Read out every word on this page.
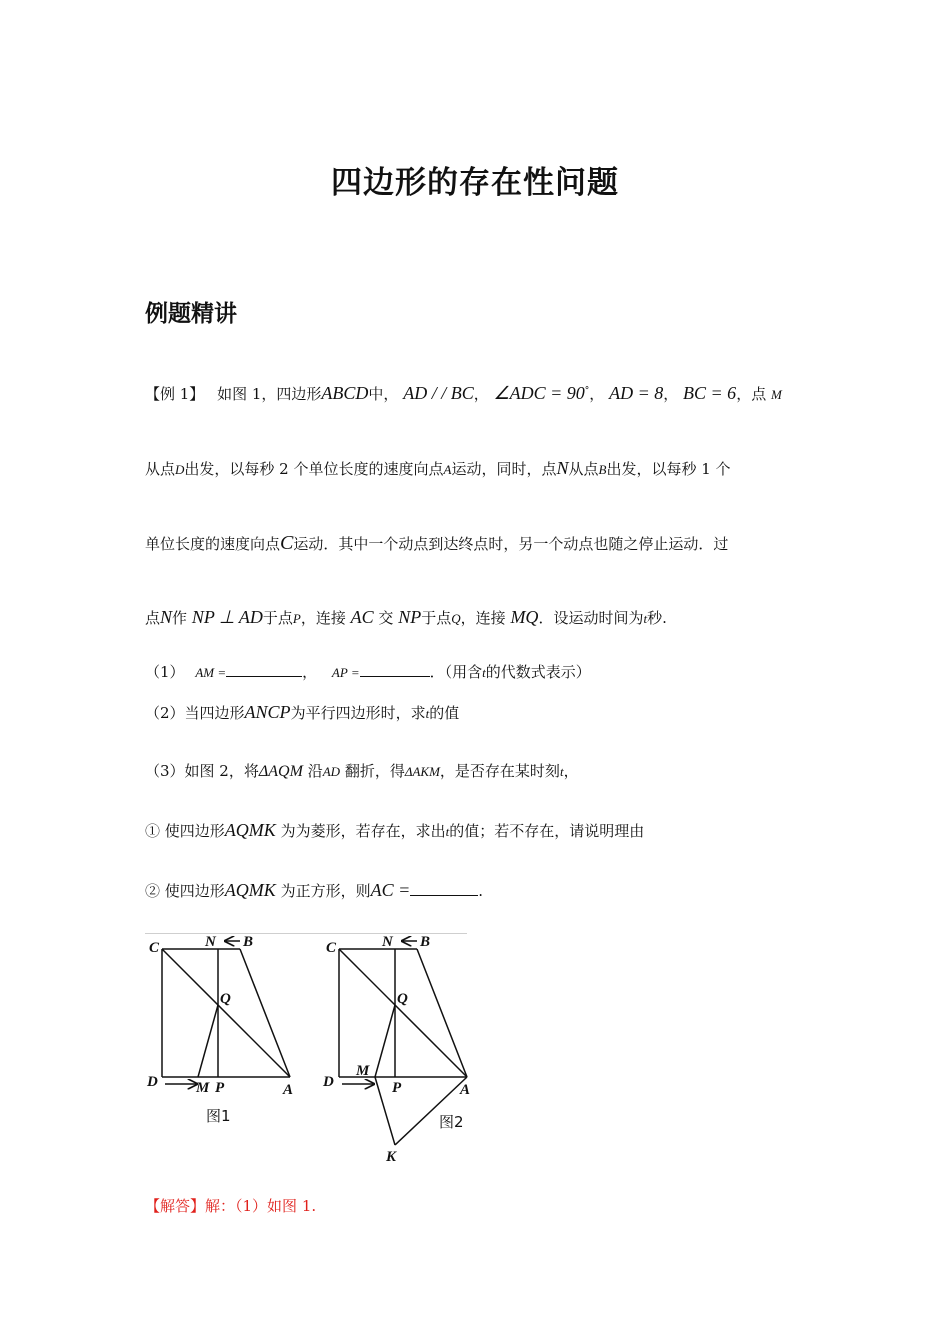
四边形的存在性问题
例题精讲
【例 1】 如图 1，四边形ABCD中， AD / / BC， ∠ADC = 90°， AD = 8， BC = 6，点 M
从点D出发，以每秒 2 个单位长度的速度向点A运动，同时，点N从点B出发，以每秒 1 个
单位长度的速度向点C运动．其中一个动点到达终点时，另一个动点也随之停止运动．过
点N作 NP ⊥ AD于点P，连接 AC 交 NP于点Q，连接 MQ．设运动时间为t秒.
（1） AM =	， AP =	．（用含t的代数式表示）
（2）当四边形ANCP为平行四边形时，求t的值
（3）如图 2，将ΔAQM 沿AD 翻折，得ΔAKM，是否存在某时刻t，
① 使四边形AQMK 为为菱形，若存在，求出t的值；若不存在，请说明理由
② 使四边形AQMK 为正方形，则AC =	.
C	N B
Q
D	M P	A
C	N B
Q
D
M
P	A
K
图1	图2
【解答】解：（1）如图 1.
